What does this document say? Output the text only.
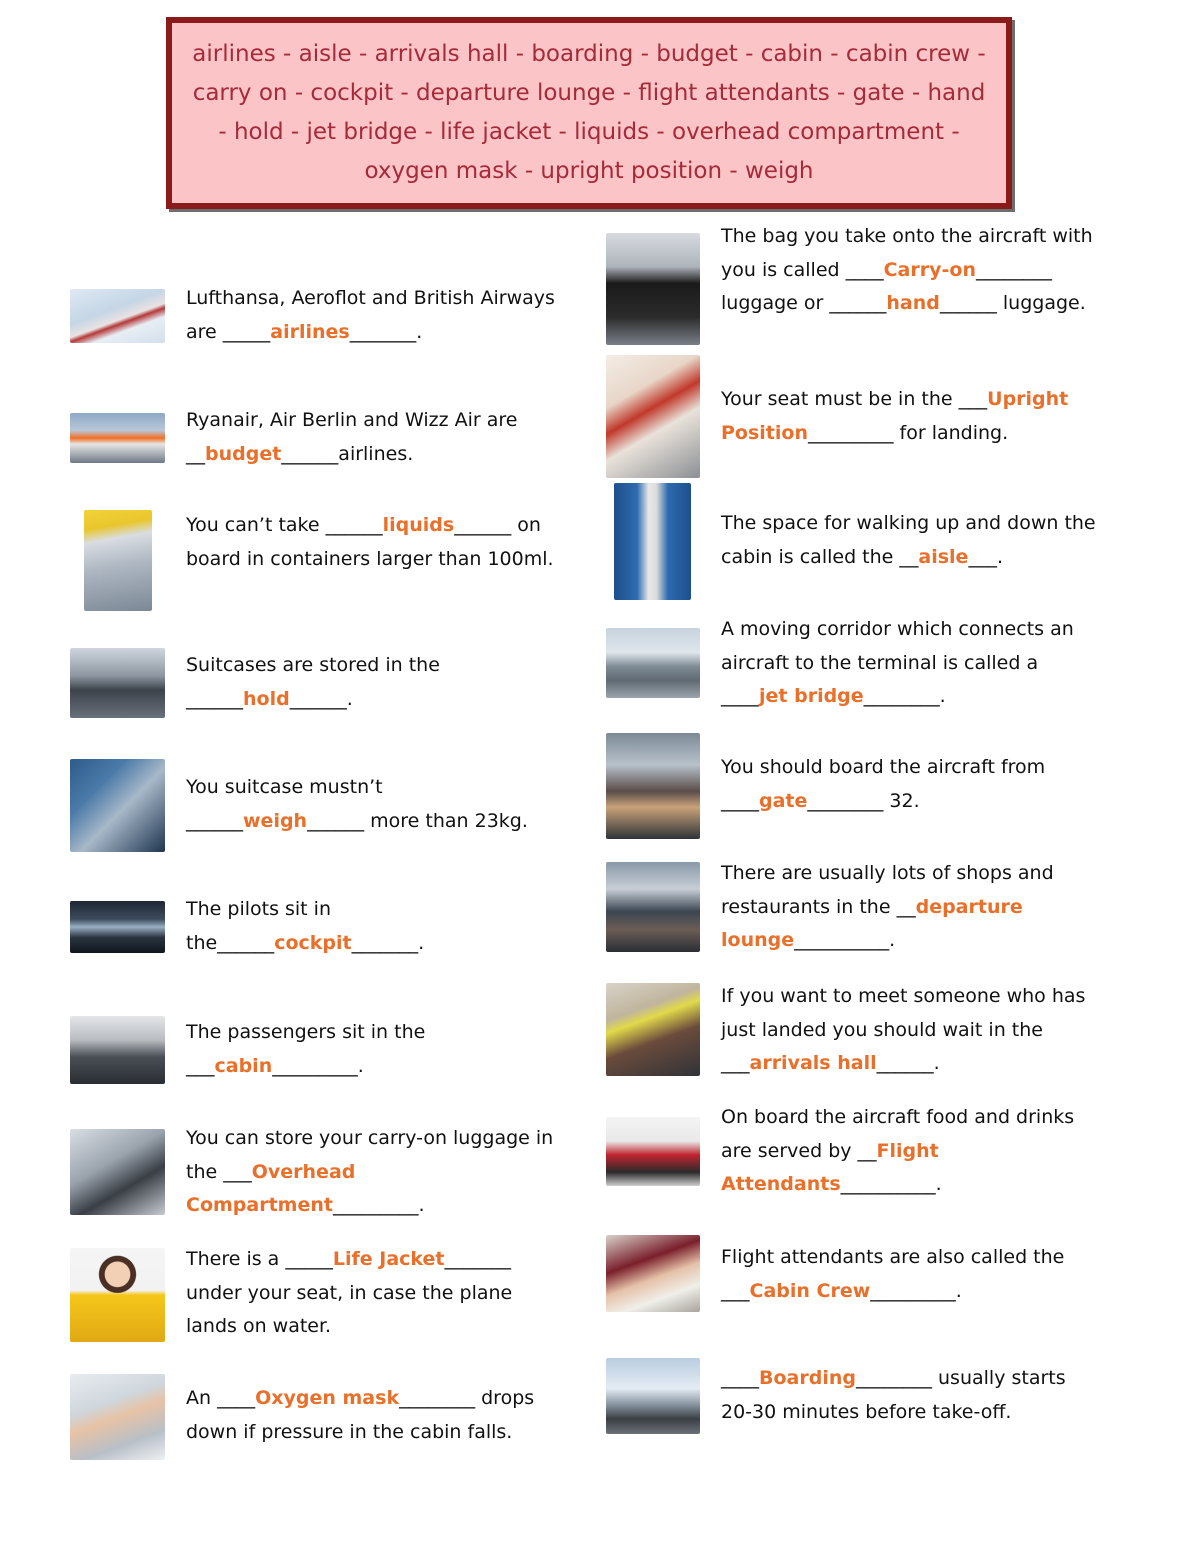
airlines - aisle - arrivals hall - boarding - budget - cabin - cabin crew - carry on - cockpit - departure lounge - flight attendants - gate - hand - hold - jet bridge - life jacket - liquids - overhead compartment - oxygen mask - upright position - weigh
Lufthansa, Aeroflot and British Airways are _____airlines_______.
Ryanair, Air Berlin and Wizz Air are __budget______airlines.
You can’t take ______liquids______ on board in containers larger than 100ml.
Suitcases are stored in the ______hold______.
You suitcase mustn’t ______weigh______ more than 23kg.
The pilots sit in the______cockpit_______.
The passengers sit in the ___cabin_________.
You can store your carry-on luggage in the ___Overhead Compartment_________.
There is a _____Life Jacket_______ under your seat, in case the plane lands on water.
An ____Oxygen mask________ drops down if pressure in the cabin falls.
The bag you take onto the aircraft with you is called ____Carry-on________ luggage or ______hand______ luggage.
Your seat must be in the ___Upright Position_________ for landing.
The space for walking up and down the cabin is called the __aisle___.
A moving corridor which connects an aircraft to the terminal is called a ____jet bridge________.
You should board the aircraft from ____gate________ 32.
There are usually lots of shops and restaurants in the __departure lounge__________.
If you want to meet someone who has just landed you should wait in the ___arrivals hall______.
On board the aircraft food and drinks are served by __Flight Attendants__________.
Flight attendants are also called the ___Cabin Crew_________.
____Boarding________ usually starts 20-30 minutes before take-off.
